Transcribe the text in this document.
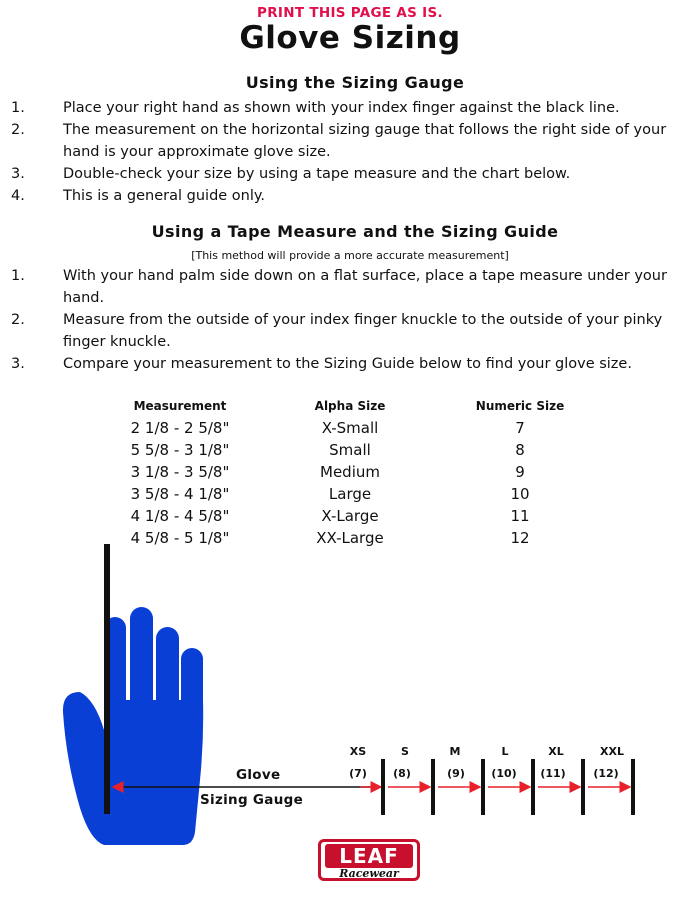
PRINT THIS PAGE AS IS.
Glove Sizing
Using the Sizing Gauge
1.	Place your right hand as shown with your index finger against the black line.
2.	The measurement on the horizontal sizing gauge that follows the right side of your hand is your approximate glove size.
3.	Double-check your size by using a tape measure and the chart below.
4.	This is a general guide only.
Using a Tape Measure and the Sizing Guide
[This method will provide a more accurate measurement]
1.	With your hand palm side down on a flat surface, place a tape measure under your hand.
2.	Measure from the outside of your index finger knuckle to the outside of your pinky finger knuckle.
3.	Compare your measurement to the Sizing Guide below to find your glove size.
Measurement	Alpha Size	Numeric Size
2 1/8 - 2 5/8"	X-Small	7
5 5/8 - 3 1/8"	Small	8
3 1/8 - 3 5/8"	Medium	9
3 5/8 - 4 1/8"	Large	10
4 1/8 - 4 5/8"	X-Large	11
4 5/8 - 5 1/8"	XX-Large	12
Glove
Sizing Gauge
XS
(7)
S
(8)
M
(9)
L
(10)
XL
(11)
XXL
(12)
LEAF
Racewear
